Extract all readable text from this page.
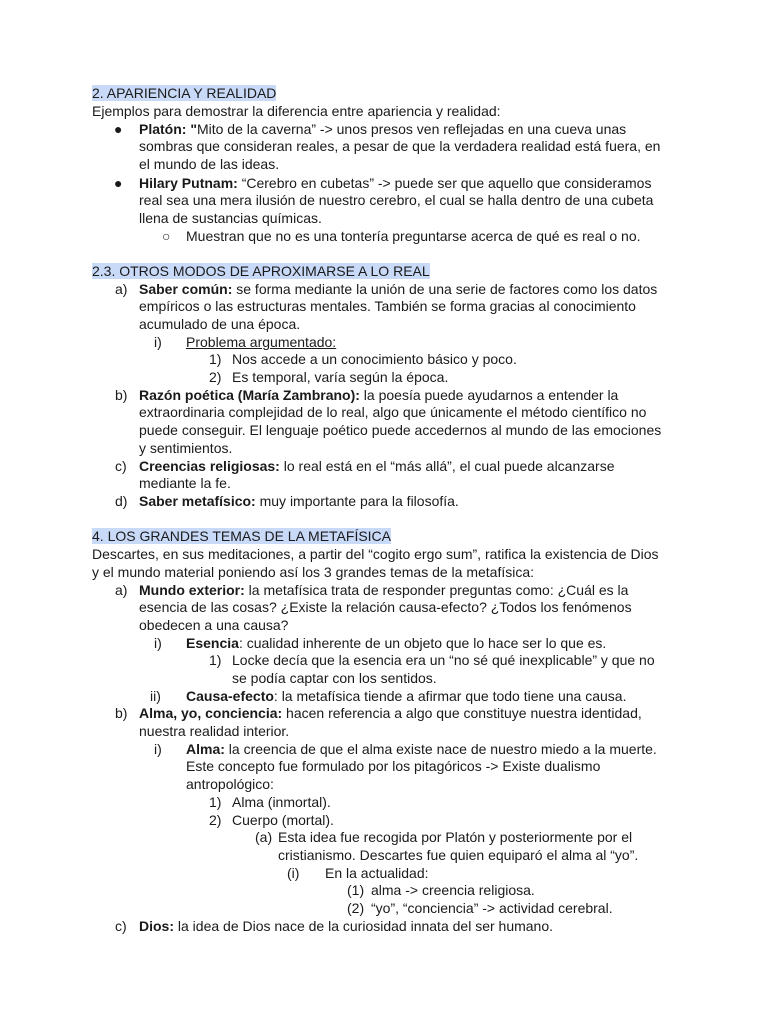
2. APARIENCIA Y REALIDAD
Ejemplos para demostrar la diferencia entre apariencia y realidad:
● Platón: "Mito de la caverna” -> unos presos ven reflejadas en una cueva unas
sombras que consideran reales, a pesar de que la verdadera realidad está fuera, en
el mundo de las ideas.
● Hilary Putnam: “Cerebro en cubetas” -> puede ser que aquello que consideramos
real sea una mera ilusión de nuestro cerebro, el cual se halla dentro de una cubeta
llena de sustancias químicas.
○ Muestran que no es una tontería preguntarse acerca de qué es real o no.
2.3. OTROS MODOS DE APROXIMARSE A LO REAL
a) Saber común: se forma mediante la unión de una serie de factores como los datos
empíricos o las estructuras mentales. También se forma gracias al conocimiento
acumulado de una época.
i) Problema argumentado:
1) Nos accede a un conocimiento básico y poco.
2) Es temporal, varía según la época.
b) Razón poética (María Zambrano): la poesía puede ayudarnos a entender la
extraordinaria complejidad de lo real, algo que únicamente el método científico no
puede conseguir. El lenguaje poético puede accedernos al mundo de las emociones
y sentimientos.
c) Creencias religiosas: lo real está en el “más allá”, el cual puede alcanzarse
mediante la fe.
d) Saber metafísico: muy importante para la filosofía.
4. LOS GRANDES TEMAS DE LA METAFÍSICA
Descartes, en sus meditaciones, a partir del “cogito ergo sum”, ratifica la existencia de Dios
y el mundo material poniendo así los 3 grandes temas de la metafísica:
a) Mundo exterior: la metafísica trata de responder preguntas como: ¿Cuál es la
esencia de las cosas? ¿Existe la relación causa-efecto? ¿Todos los fenómenos
obedecen a una causa?
i) Esencia: cualidad inherente de un objeto que lo hace ser lo que es.
1) Locke decía que la esencia era un “no sé qué inexplicable” y que no
se podía captar con los sentidos.
ii) Causa-efecto: la metafísica tiende a afirmar que todo tiene una causa.
b) Alma, yo, conciencia: hacen referencia a algo que constituye nuestra identidad,
nuestra realidad interior.
i) Alma: la creencia de que el alma existe nace de nuestro miedo a la muerte.
Este concepto fue formulado por los pitagóricos -> Existe dualismo
antropológico:
1) Alma (inmortal).
2) Cuerpo (mortal).
(a) Esta idea fue recogida por Platón y posteriormente por el
cristianismo. Descartes fue quien equiparó el alma al “yo”.
(i) En la actualidad:
(1) alma -> creencia religiosa.
(2) “yo”, “conciencia” -> actividad cerebral.
c) Dios: la idea de Dios nace de la curiosidad innata del ser humano.
